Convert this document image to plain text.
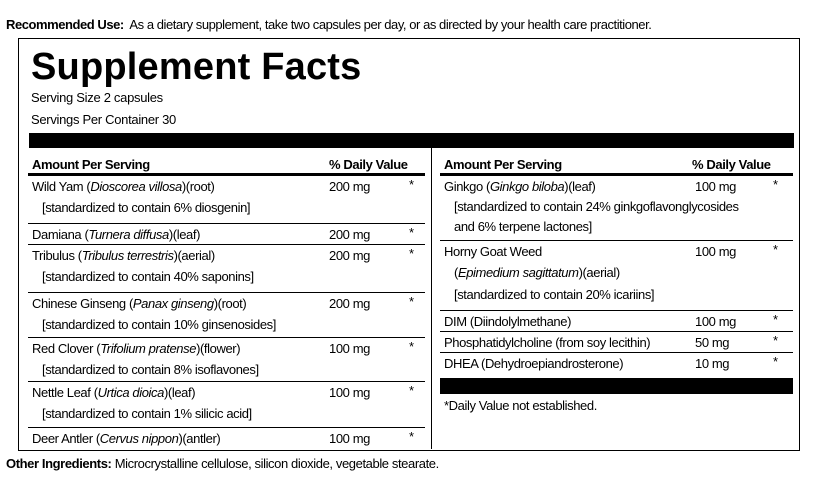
Recommended Use: As a dietary supplement, take two capsules per day, or as directed by your health care practitioner.
Supplement Facts
Serving Size 2 capsules
Servings Per Container 30
Amount Per Serving	% Daily Value
Wild Yam (Dioscorea villosa)(root)	200 mg	*
[standardized to contain 6% diosgenin]
Damiana (Turnera diffusa)(leaf)	200 mg	*
Tribulus (Tribulus terrestris)(aerial)	200 mg	*
[standardized to contain 40% saponins]
Chinese Ginseng (Panax ginseng)(root)	200 mg	*
[standardized to contain 10% ginsenosides]
Red Clover (Trifolium pratense)(flower)	100 mg	*
[standardized to contain 8% isoflavones]
Nettle Leaf (Urtica dioica)(leaf)	100 mg	*
[standardized to contain 1% silicic acid]
Deer Antler (Cervus nippon)(antler)	100 mg	*
Amount Per Serving	% Daily Value
Ginkgo (Ginkgo biloba)(leaf)	100 mg	*
[standardized to contain 24% ginkgoflavonglycosides
and 6% terpene lactones]
Horny Goat Weed	100 mg	*
(Epimedium sagittatum)(aerial)
[standardized to contain 20% icariins]
DIM (Diindolylmethane)	100 mg	*
Phosphatidylcholine (from soy lecithin)	50 mg	*
DHEA (Dehydroepiandrosterone)	10 mg	*
*Daily Value not established.
Other Ingredients: Microcrystalline cellulose, silicon dioxide, vegetable stearate.
